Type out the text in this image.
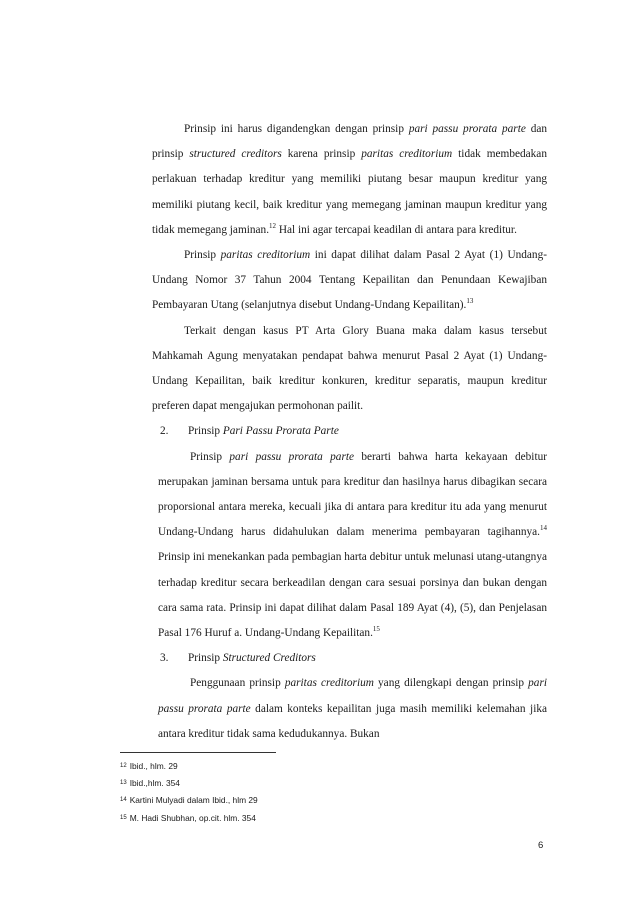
Prinsip ini harus digandengkan dengan prinsip pari passu prorata parte dan prinsip structured creditors karena prinsip paritas creditorium tidak membedakan perlakuan terhadap kreditur yang memiliki piutang besar maupun kreditur yang memiliki piutang kecil, baik kreditur yang memegang jaminan maupun kreditur yang tidak memegang jaminan.$^{12}$ Hal ini agar tercapai keadilan di antara para kreditur.

Prinsip paritas creditorium ini dapat dilihat dalam Pasal 2 Ayat (1) Undang-Undang Nomor 37 Tahun 2004 Tentang Kepailitan dan Penundaan Kewajiban Pembayaran Utang (selanjutnya disebut Undang-Undang Kepailitan).$^{13}$

Terkait dengan kasus PT Arta Glory Buana maka dalam kasus tersebut Mahkamah Agung menyatakan pendapat bahwa menurut Pasal 2 Ayat (1) Undang-Undang Kepailitan, baik kreditur konkuren, kreditur separatis, maupun kreditur preferen dapat mengajukan permohonan pailit.

2. Prinsip Pari Passu Prorata Parte

Prinsip pari passu prorata parte berarti bahwa harta kekayaan debitur merupakan jaminan bersama untuk para kreditur dan hasilnya harus dibagikan secara proporsional antara mereka, kecuali jika di antara para kreditur itu ada yang menurut Undang-Undang harus didahulukan dalam menerima pembayaran tagihannya.$^{14}$ Prinsip ini menekankan pada pembagian harta debitur untuk melunasi utang-utangnya terhadap kreditur secara berkeadilan dengan cara sesuai porsinya dan bukan dengan cara sama rata. Prinsip ini dapat dilihat dalam Pasal 189 Ayat (4), (5), dan Penjelasan Pasal 176 Huruf a. Undang-Undang Kepailitan.$^{15}$

3. Prinsip Structured Creditors

Penggunaan prinsip paritas creditorium yang dilengkapi dengan prinsip pari passu prorata parte dalam konteks kepailitan juga masih memiliki kelemahan jika antara kreditur tidak sama kedudukannya. Bukan

$^{12}$ Ibid., hlm. 29
$^{13}$ Ibid.,hlm. 354
$^{14}$ Kartini Mulyadi dalam Ibid., hlm 29
$^{15}$ M. Hadi Shubhan, op.cit. hlm. 354
6
